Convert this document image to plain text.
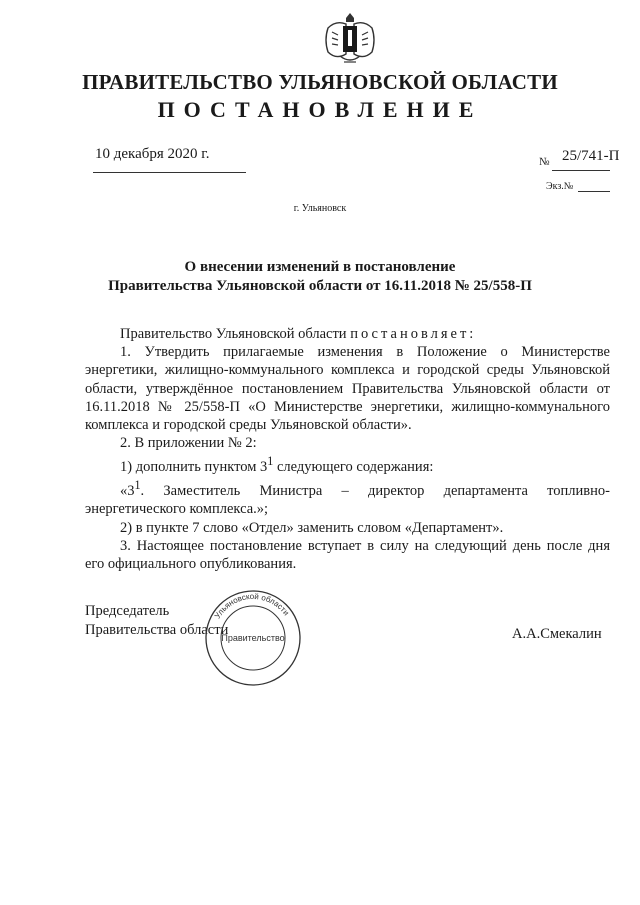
ПРАВИТЕЛЬСТВО УЛЬЯНОВСКОЙ ОБЛАСТИ
ПОСТАНОВЛЕНИЕ
10 декабря 2020 г.	№ 25/741-П
Экз.№
г. Ульяновск
О внесении изменений в постановление
Правительства Ульяновской области от 16.11.2018 № 25/558-П

Правительство Ульяновской области постановляет:

1. Утвердить прилагаемые изменения в Положение о Министерстве энергетики, жилищно-коммунального комплекса и городской среды Ульяновской области, утверждённое постановлением Правительства Ульяновской области от 16.11.2018 № 25/558-П «О Министерстве энергетики, жилищно-коммунального комплекса и городской среды Ульяновской области».

2. В приложении № 2:

1) дополнить пунктом $3^1$ следующего содержания:

«$3^1$. Заместитель Министра – директор департамента топливно-энергетического комплекса.»;

2) в пункте 7 слово «Отдел» заменить словом «Департамент».

3. Настоящее постановление вступает в силу на следующий день после дня его официального опубликования.

Председатель
Правительства области
Ульяновской области
Правительство	А.А.Смекалин
